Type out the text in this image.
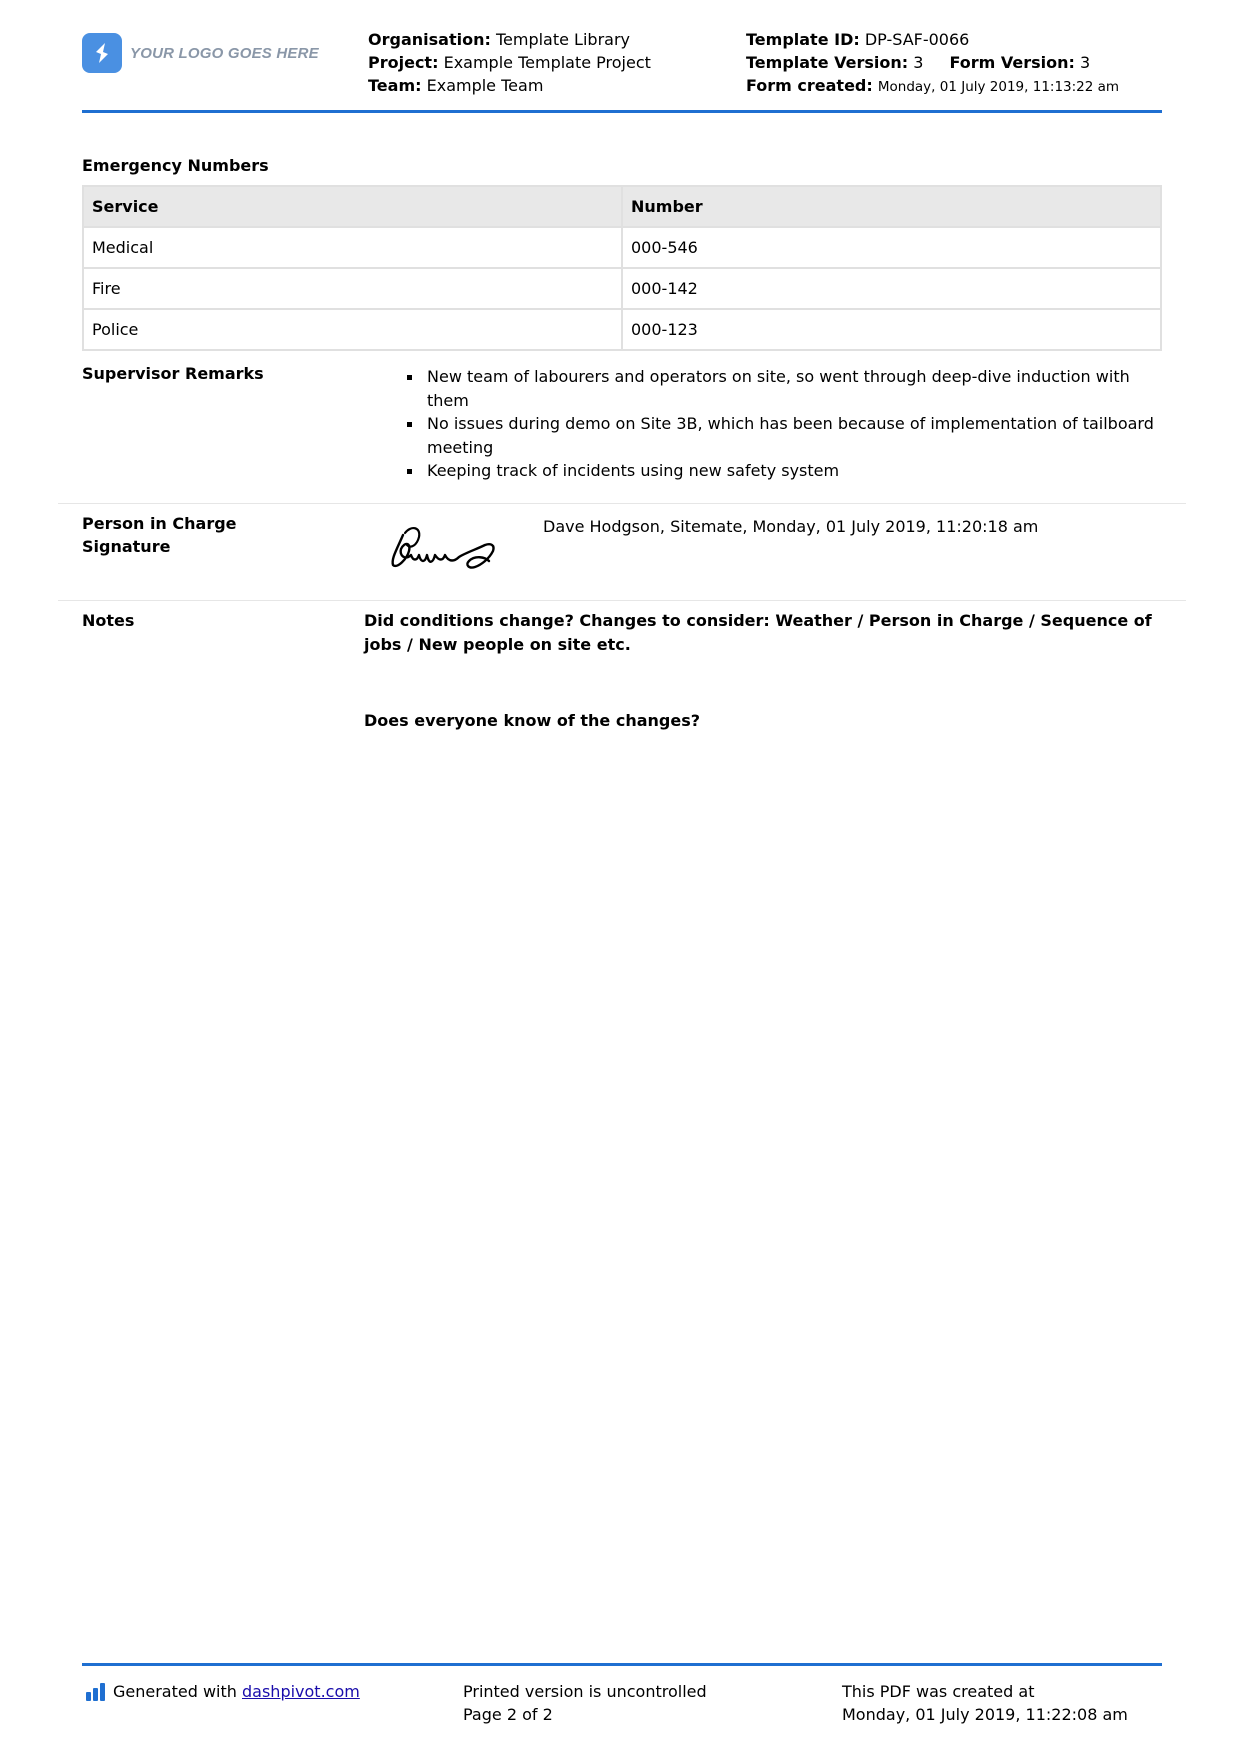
YOUR LOGO GOES HERE
Organisation: Template Library
Project: Example Template Project
Team: Example Team
Template ID: DP-SAF-0066
Template Version: 3 Form Version: 3
Form created: Monday, 01 July 2019, 11:13:22 am
Emergency Numbers
Service	Number
Medical	000-546
Fire	000-142
Police	000-123
Supervisor Remarks	New team of labourers and operators on site, so went through deep-dive induction with them
No issues during demo on Site 3B, which has been because of implementation of tailboard meeting
Keeping track of incidents using new safety system
Person in Charge Signature
Dave Hodgson, Sitemate, Monday, 01 July 2019, 11:20:18 am
Notes	Did conditions change? Changes to consider: Weather / Person in Charge / Sequence of jobs / New people on site etc.
Does everyone know of the changes?
Generated with dashpivot.com	Printed version is uncontrolled
Page 2 of 2
This PDF was created at
Monday, 01 July 2019, 11:22:08 am
